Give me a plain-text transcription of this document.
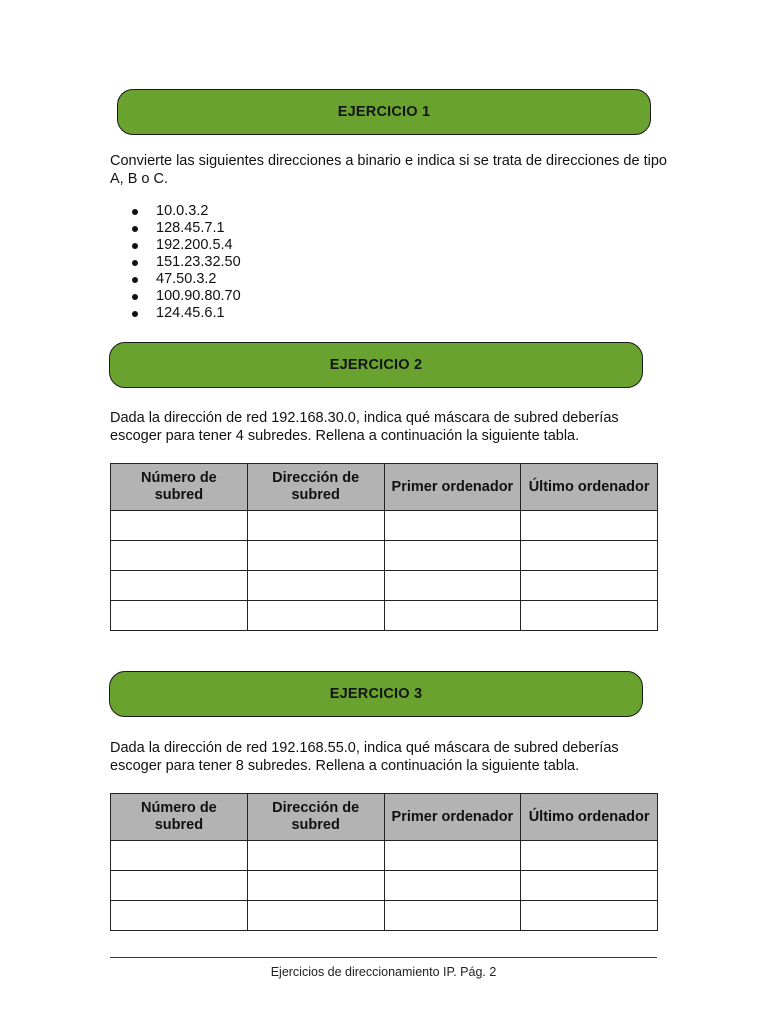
EJERCICIO 1

Convierte las siguientes direcciones a binario e indica si se trata de direcciones de tipo A, B o C.

10.0.3.2
128.45.7.1
192.200.5.4
151.23.32.50
47.50.3.2
100.90.80.70
124.45.6.1
EJERCICIO 2

Dada la dirección de red 192.168.30.0, indica qué máscara de subred deberías escoger para tener 4 subredes. Rellena a continuación la siguiente tabla.

Número de subred	Dirección de subred	Primer ordenador	Último ordenador

EJERCICIO 3

Dada la dirección de red 192.168.55.0, indica qué máscara de subred deberías escoger para tener 8 subredes. Rellena a continuación la siguiente tabla.

Número de subred	Dirección de subred	Primer ordenador	Último ordenador

Ejercicios de direccionamiento IP. Pág. 2
